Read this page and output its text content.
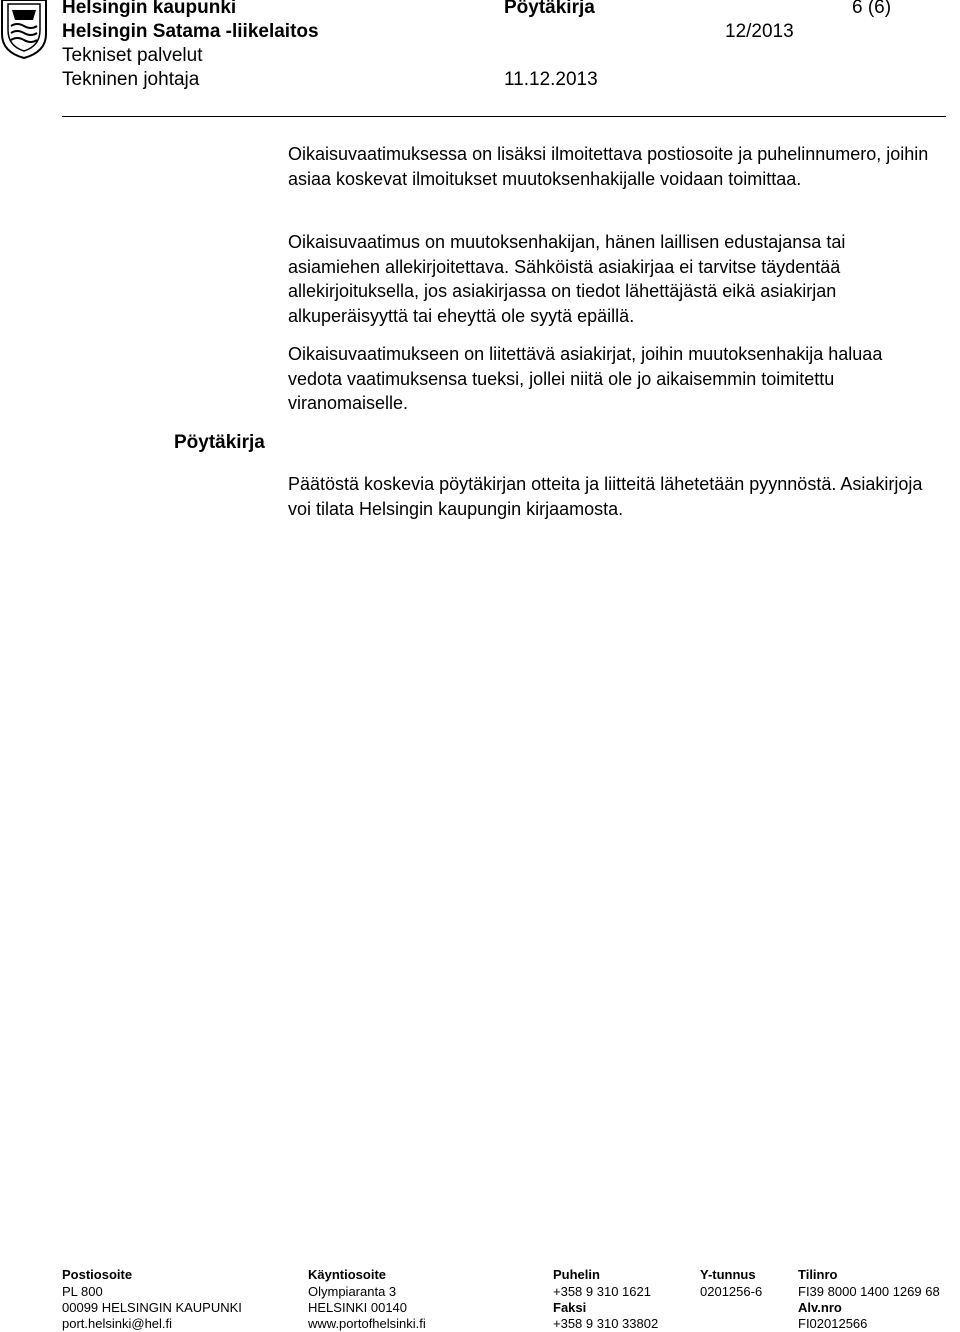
Helsingin kaupunki	Pöytäkirja	6 (6)
Helsingin Satama -liikelaitos	12/2013
Tekniset palvelut
Tekninen johtaja	11.12.2013

Oikaisuvaatimuksessa on lisäksi ilmoitettava postiosoite ja puhelinnumero, joihin asiaa koskevat ilmoitukset muutoksenhakijalle voidaan toimittaa.

Oikaisuvaatimus on muutoksenhakijan, hänen laillisen edustajansa tai asiamiehen allekirjoitettava. Sähköistä asiakirjaa ei tarvitse täydentää allekirjoituksella, jos asiakirjassa on tiedot lähettäjästä eikä asiakirjan alkuperäisyyttä tai eheyttä ole syytä epäillä.

Oikaisuvaatimukseen on liitettävä asiakirjat, joihin muutoksenhakija haluaa vedota vaatimuksensa tueksi, jollei niitä ole jo aikaisemmin toimitettu viranomaiselle.

Pöytäkirja

Päätöstä koskevia pöytäkirjan otteita ja liitteitä lähetetään pyynnöstä. Asiakirjoja voi tilata Helsingin kaupungin kirjaamosta.

Postiosoite
PL 800
00099 HELSINGIN KAUPUNKI
port.helsinki@hel.fi
Käyntiosoite
Olympiaranta 3
HELSINKI 00140
www.portofhelsinki.fi
Puhelin
+358 9 310 1621
Faksi
+358 9 310 33802
Y-tunnus
0201256-6
Tilinro
FI39 8000 1400 1269 68
Alv.nro
FI02012566
